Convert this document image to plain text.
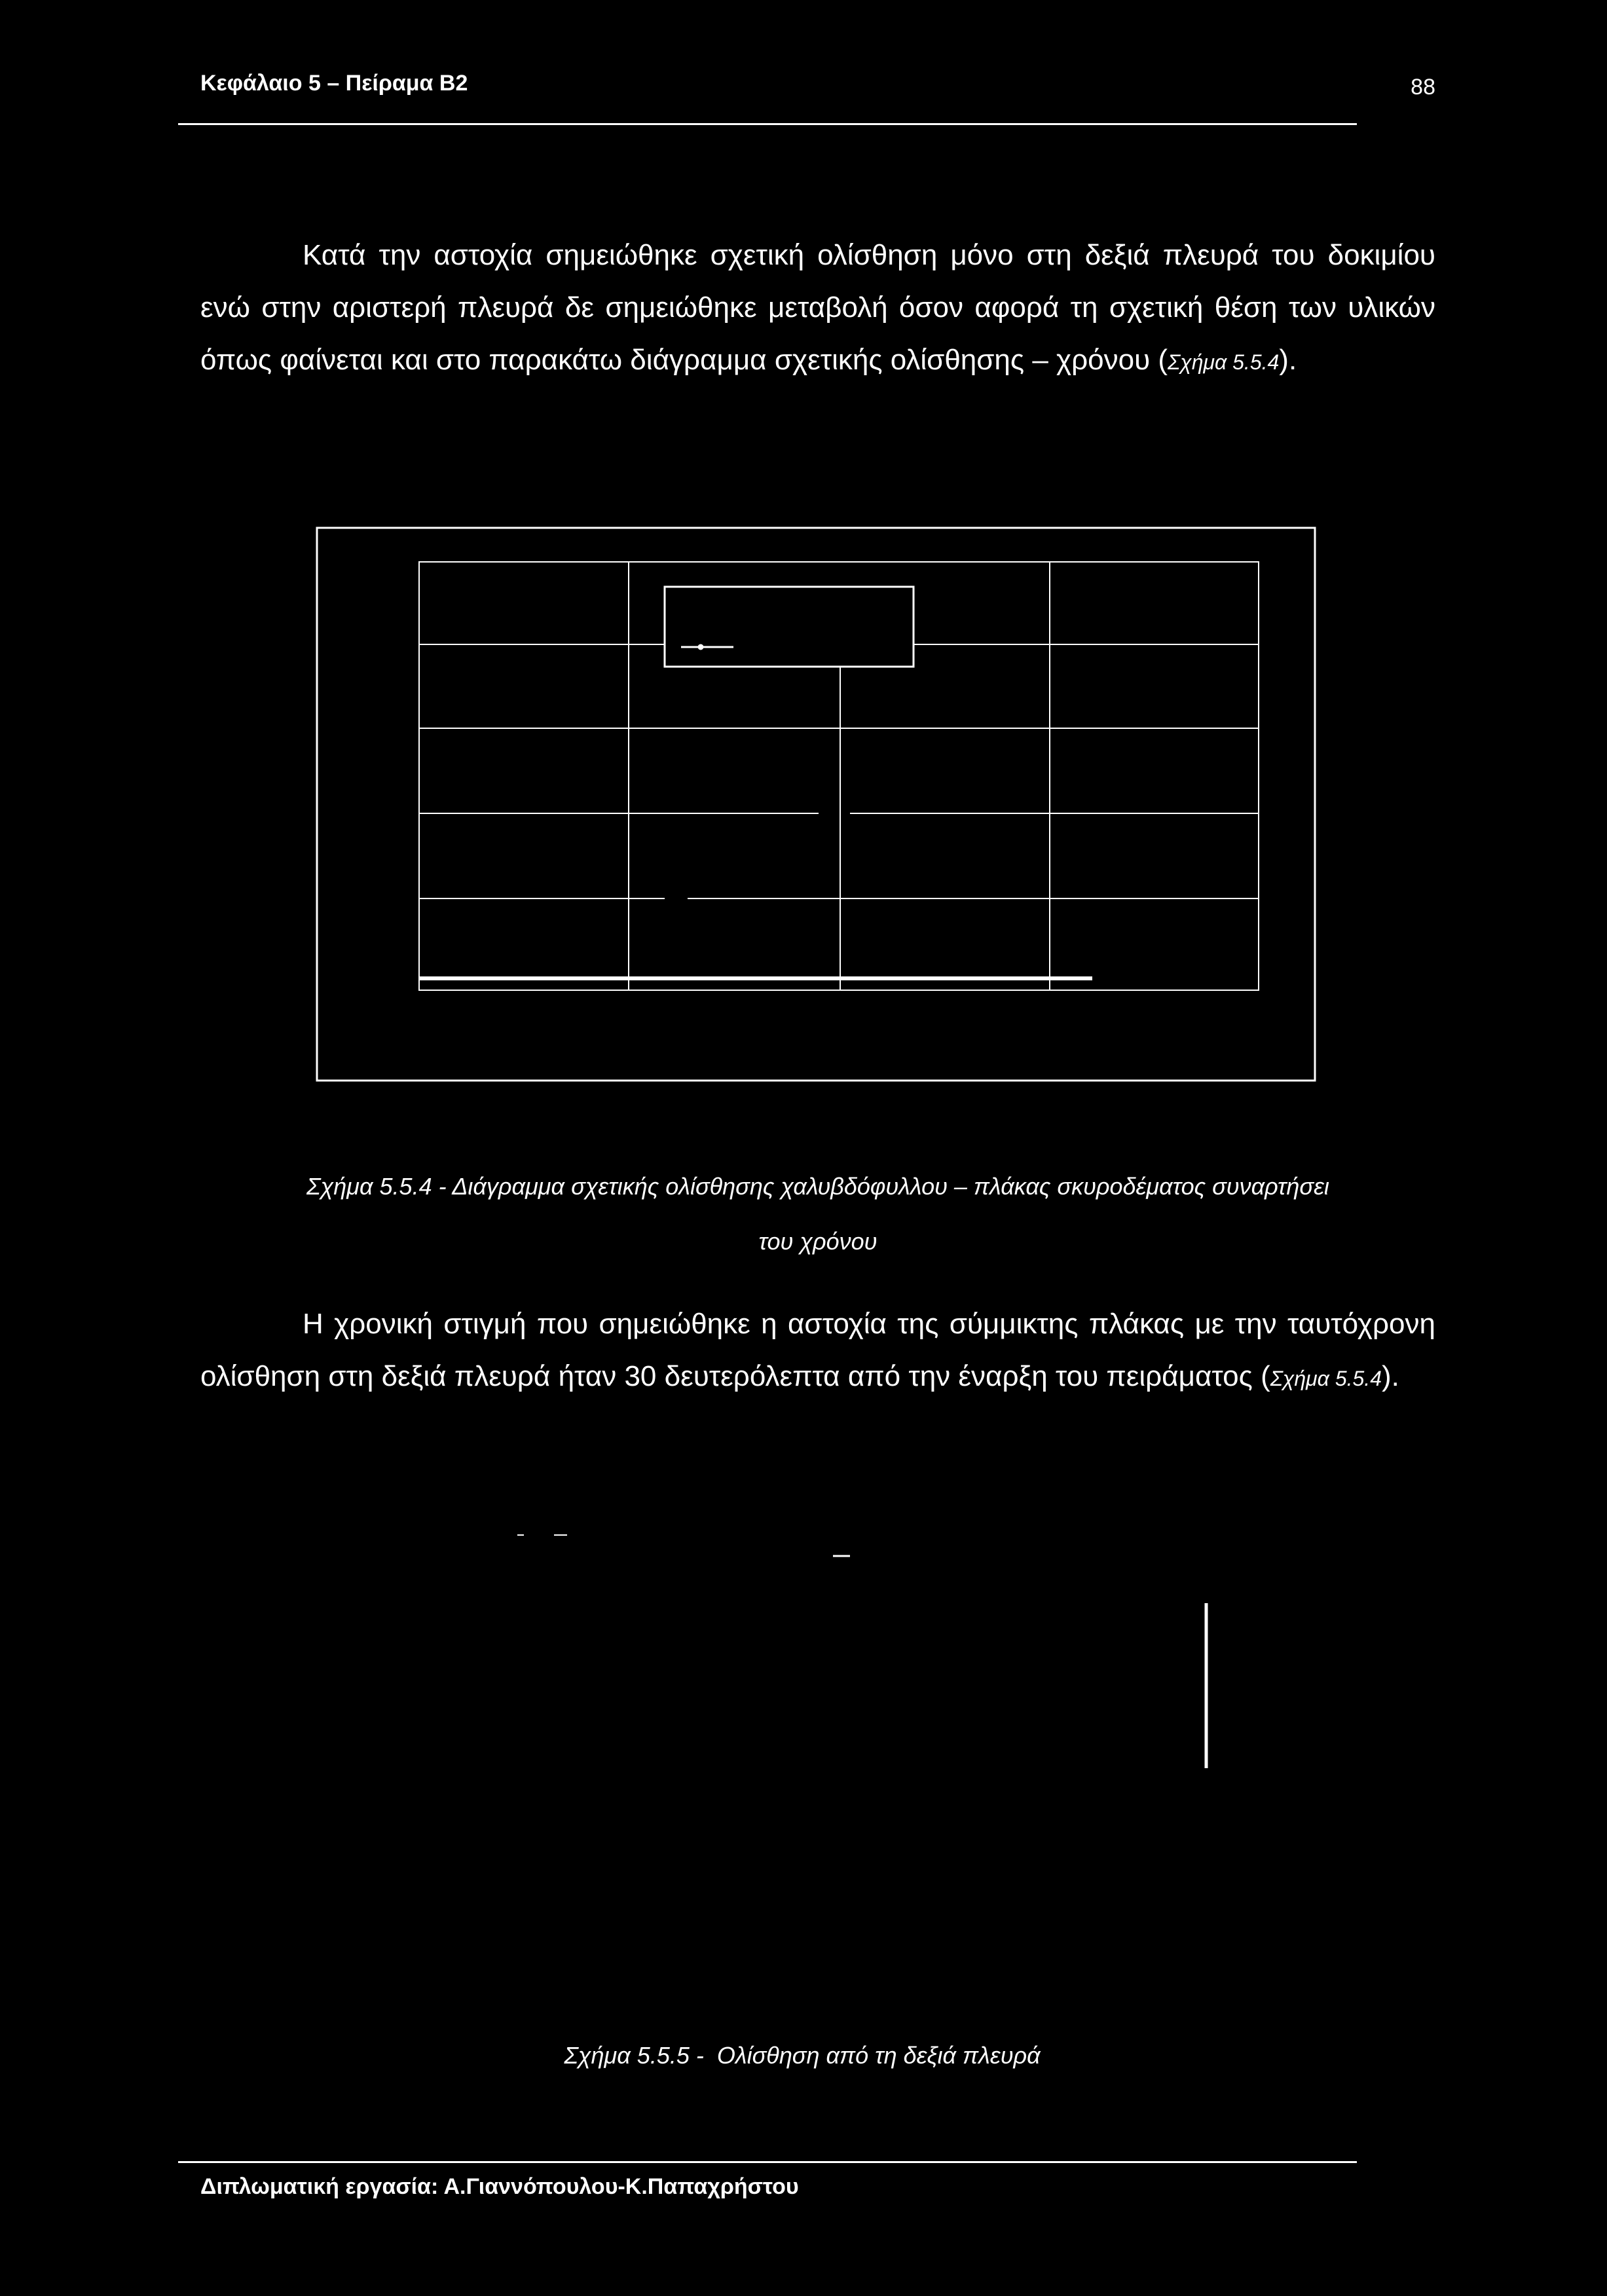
Κεφάλαιο 5 – Πείραμα Β2	88

Κατά την αστοχία σημειώθηκε σχετική ολίσθηση μόνο στη δεξιά πλευρά του δοκιμίου ενώ στην αριστερή πλευρά δε σημειώθηκε μεταβολή όσον αφορά τη σχετική θέση των υλικών όπως φαίνεται και στο παρακάτω διάγραμμα σχετικής ολίσθησης – χρόνου (Σχήμα 5.5.4).

Σχήμα 5.5.4 - Διάγραμμα σχετικής ολίσθησης χαλυβδόφυλλου – πλάκας σκυροδέματος συναρτήσει
του χρόνου

Η χρονική στιγμή που σημειώθηκε η αστοχία της σύμμικτης πλάκας με την ταυτόχρονη ολίσθηση στη δεξιά πλευρά ήταν 30 δευτερόλεπτα από την έναρξη του πειράματος (Σχήμα 5.5.4).

Σχήμα 5.5.5 -  Ολίσθηση από τη δεξιά πλευρά
Διπλωματική εργασία: Α.Γιαννόπουλου-Κ.Παπαχρήστου
